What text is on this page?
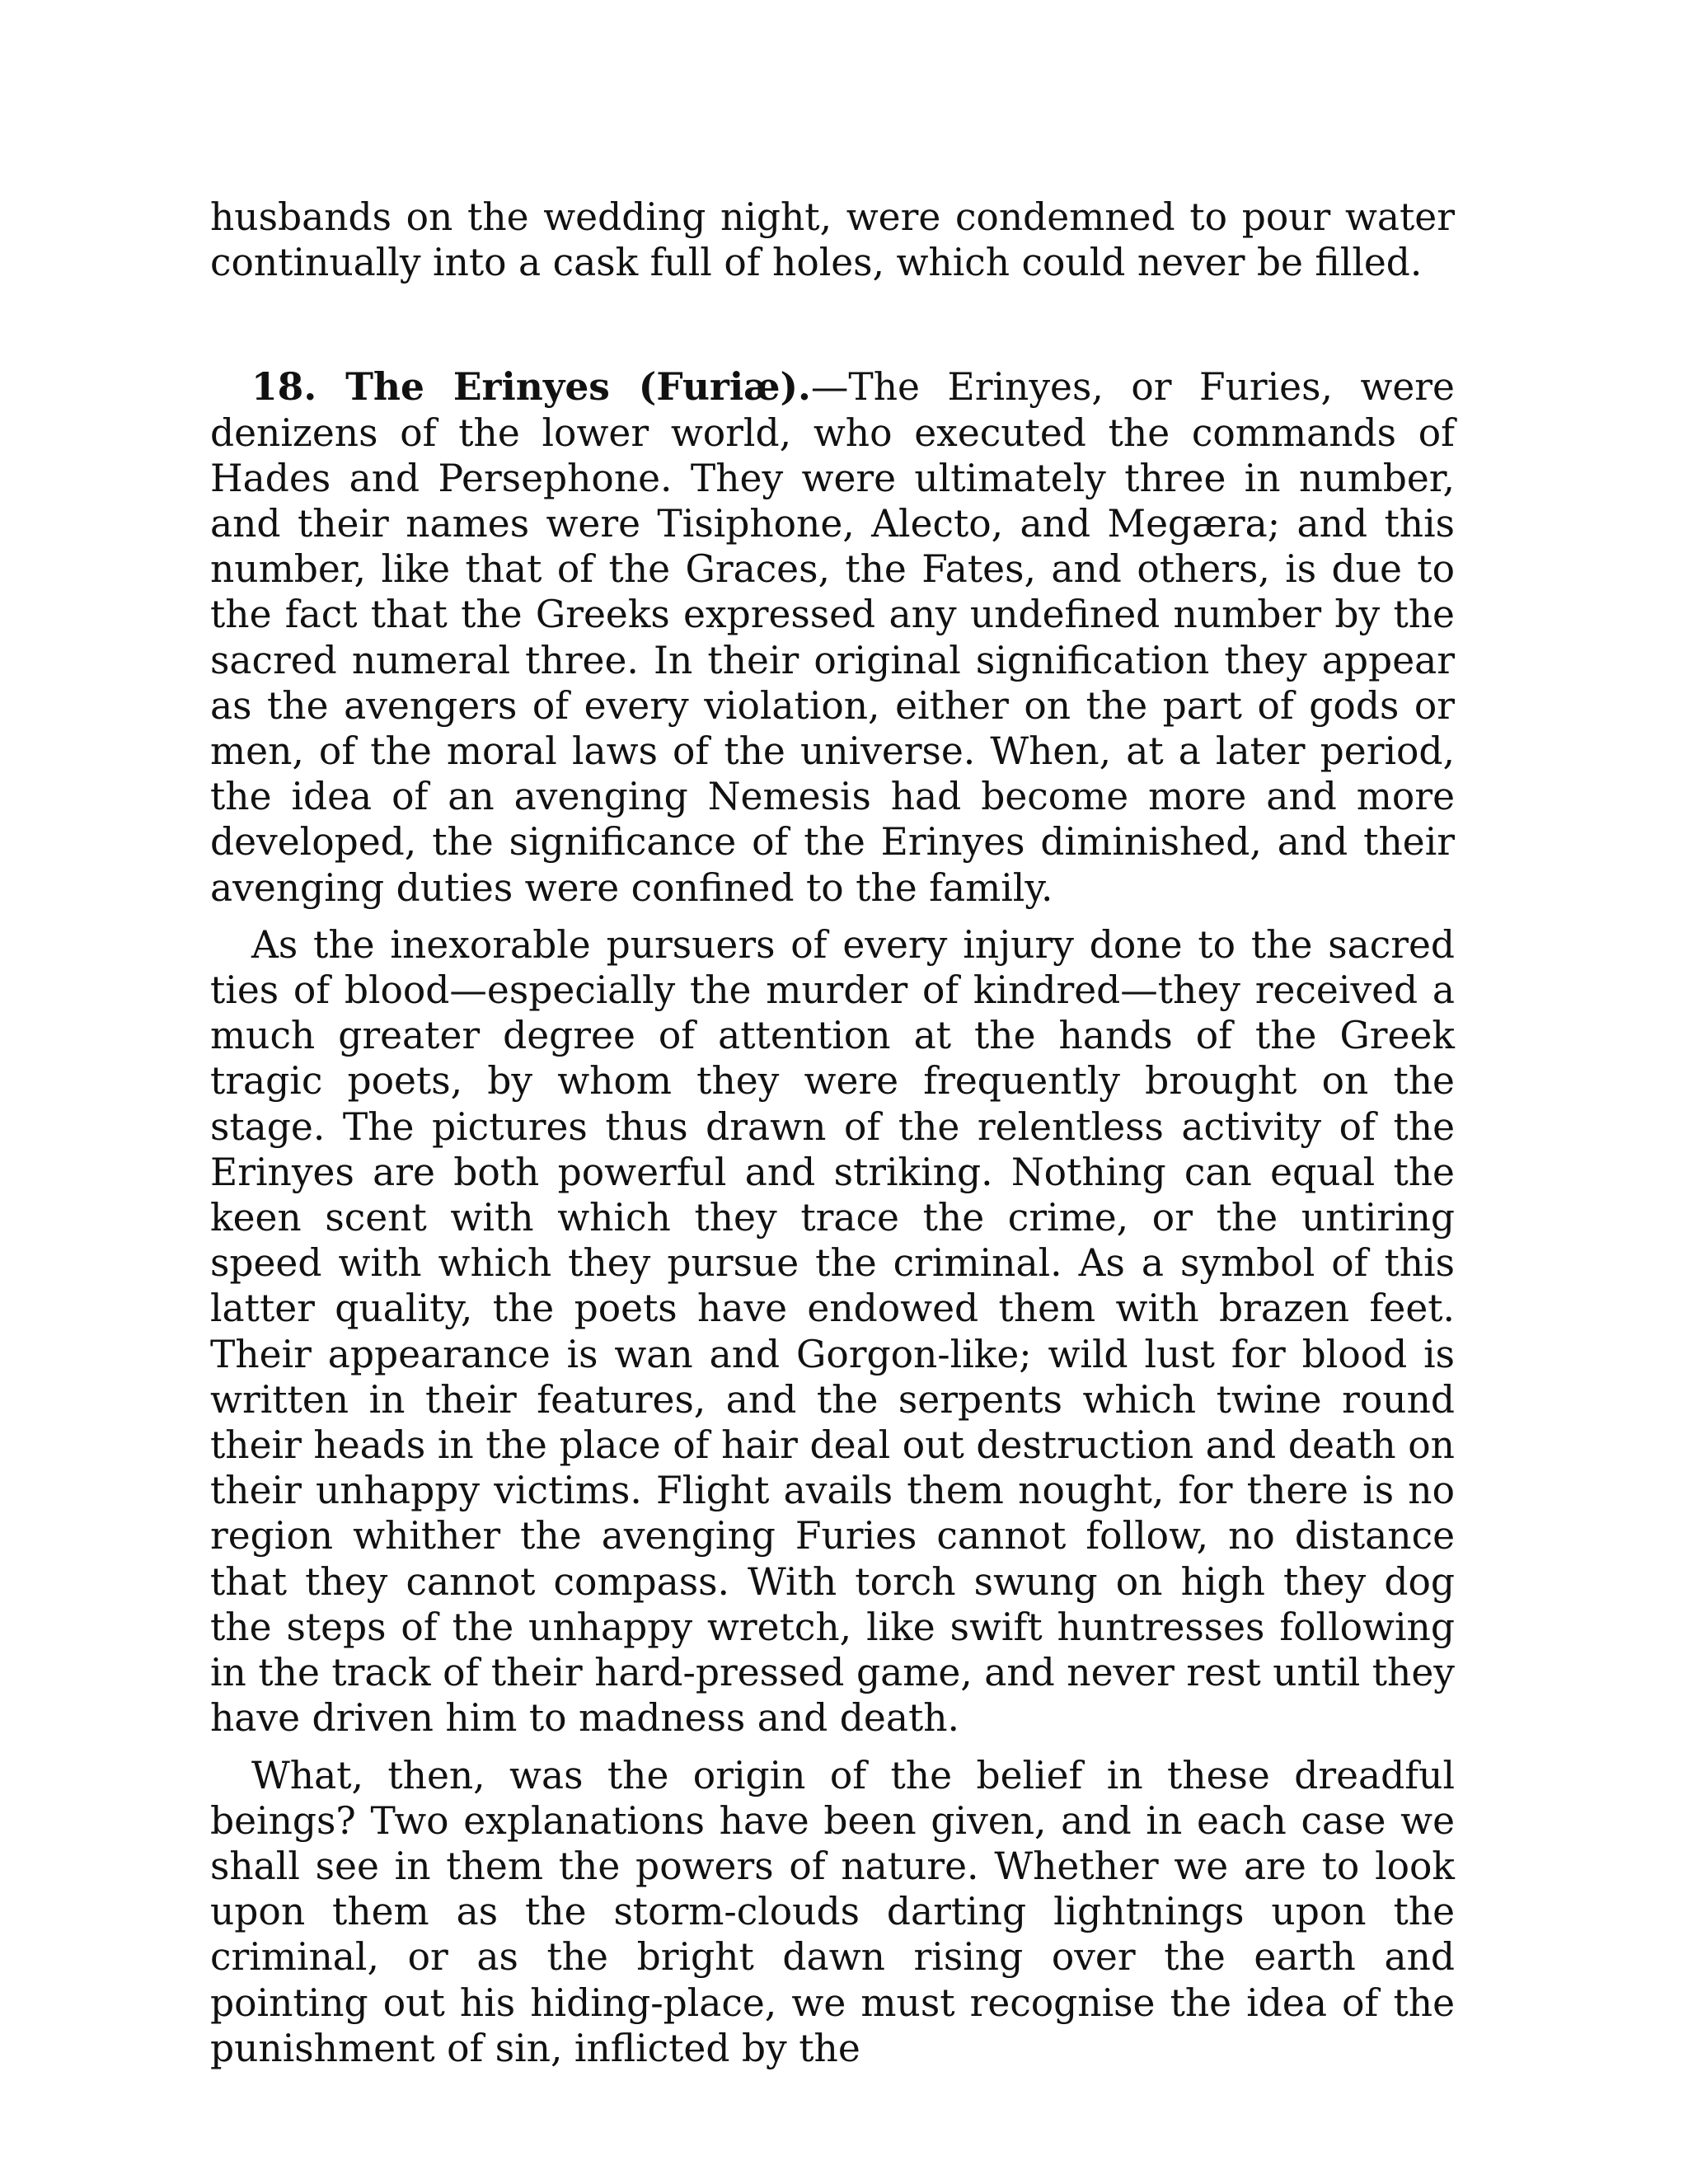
husbands on the wedding night, were condemned to pour water continually into a cask full of holes, which could never be filled.

18. The Erinyes (Furiæ).—The Erinyes, or Furies, were denizens of the lower world, who executed the commands of Hades and Persephone. They were ultimately three in number, and their names were Tisiphone, Alecto, and Megæra; and this number, like that of the Graces, the Fates, and others, is due to the fact that the Greeks expressed any undefined number by the sacred numeral three. In their original signification they appear as the avengers of every violation, either on the part of gods or men, of the moral laws of the universe. When, at a later period, the idea of an avenging Nemesis had become more and more developed, the significance of the Erinyes diminished, and their avenging duties were confined to the family.

As the inexorable pursuers of every injury done to the sacred ties of blood—especially the murder of kindred—they received a much greater degree of attention at the hands of the Greek tragic poets, by whom they were frequently brought on the stage. The pictures thus drawn of the relentless activity of the Erinyes are both powerful and striking. Nothing can equal the keen scent with which they trace the crime, or the untiring speed with which they pursue the criminal. As a symbol of this latter quality, the poets have endowed them with brazen feet. Their appearance is wan and Gorgon-like; wild lust for blood is written in their features, and the serpents which twine round their heads in the place of hair deal out destruction and death on their unhappy victims. Flight avails them nought, for there is no region whither the avenging Furies cannot follow, no distance that they cannot compass. With torch swung on high they dog the steps of the unhappy wretch, like swift huntresses following in the track of their hard-pressed game, and never rest until they have driven him to madness and death.

What, then, was the origin of the belief in these dreadful beings? Two explanations have been given, and in each case we shall see in them the powers of nature. Whether we are to look upon them as the storm-clouds darting lightnings upon the criminal, or as the bright dawn rising over the earth and pointing out his hiding-place, we must recognise the idea of the punishment of sin, inflicted by the
